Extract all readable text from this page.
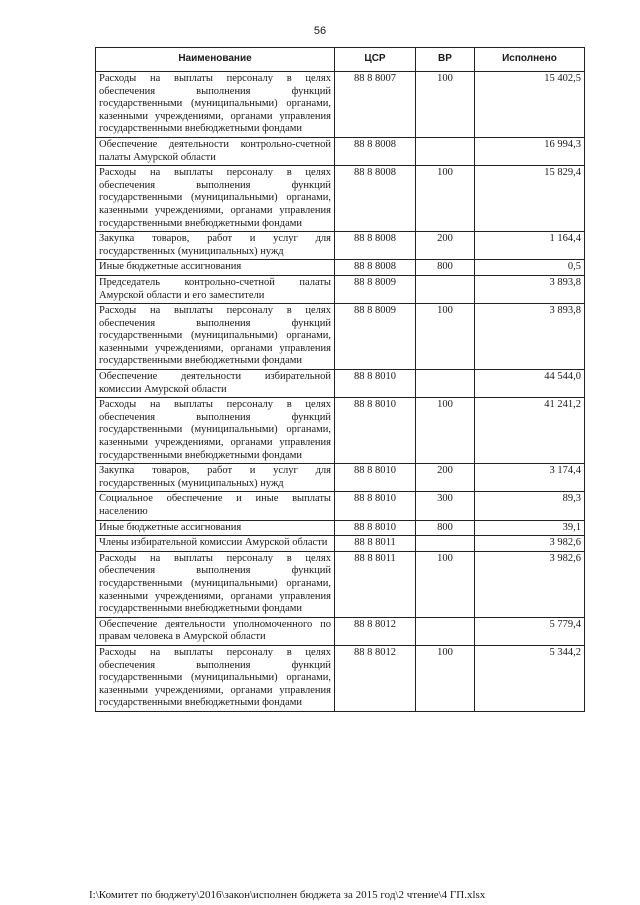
56
Наименование	ЦСР	ВР	Исполнено
Расходы на выплаты персоналу в целях обеспечения выполнения функций государственными (муниципальными) органами, казенными учреждениями, органами управления государственными внебюджетными фондами	88 8 8007	100	15 402,5
Обеспечение деятельности контрольно-счетной палаты Амурской области	88 8 8008		16 994,3
Расходы на выплаты персоналу в целях обеспечения выполнения функций государственными (муниципальными) органами, казенными учреждениями, органами управления государственными внебюджетными фондами	88 8 8008	100	15 829,4
Закупка товаров, работ и услуг для государственных (муниципальных) нужд	88 8 8008	200	1 164,4
Иные бюджетные ассигнования	88 8 8008	800	0,5
Председатель контрольно-счетной палаты Амурской области и его заместители	88 8 8009		3 893,8
Расходы на выплаты персоналу в целях обеспечения выполнения функций государственными (муниципальными) органами, казенными учреждениями, органами управления государственными внебюджетными фондами	88 8 8009	100	3 893,8
Обеспечение деятельности избирательной комиссии Амурской области	88 8 8010		44 544,0
Расходы на выплаты персоналу в целях обеспечения выполнения функций государственными (муниципальными) органами, казенными учреждениями, органами управления государственными внебюджетными фондами	88 8 8010	100	41 241,2
Закупка товаров, работ и услуг для государственных (муниципальных) нужд	88 8 8010	200	3 174,4
Социальное обеспечение и иные выплаты населению	88 8 8010	300	89,3
Иные бюджетные ассигнования	88 8 8010	800	39,1
Члены избирательной комиссии Амурской области	88 8 8011		3 982,6
Расходы на выплаты персоналу в целях обеспечения выполнения функций государственными (муниципальными) органами, казенными учреждениями, органами управления государственными внебюджетными фондами	88 8 8011	100	3 982,6
Обеспечение деятельности уполномоченного по правам человека в Амурской области	88 8 8012		5 779,4
Расходы на выплаты персоналу в целях обеспечения выполнения функций государственными (муниципальными) органами, казенными учреждениями, органами управления государственными внебюджетными фондами	88 8 8012	100	5 344,2
I:\Комитет по бюджету\2016\закон\исполнен бюджета за 2015 год\2 чтение\4 ГП.xlsx
